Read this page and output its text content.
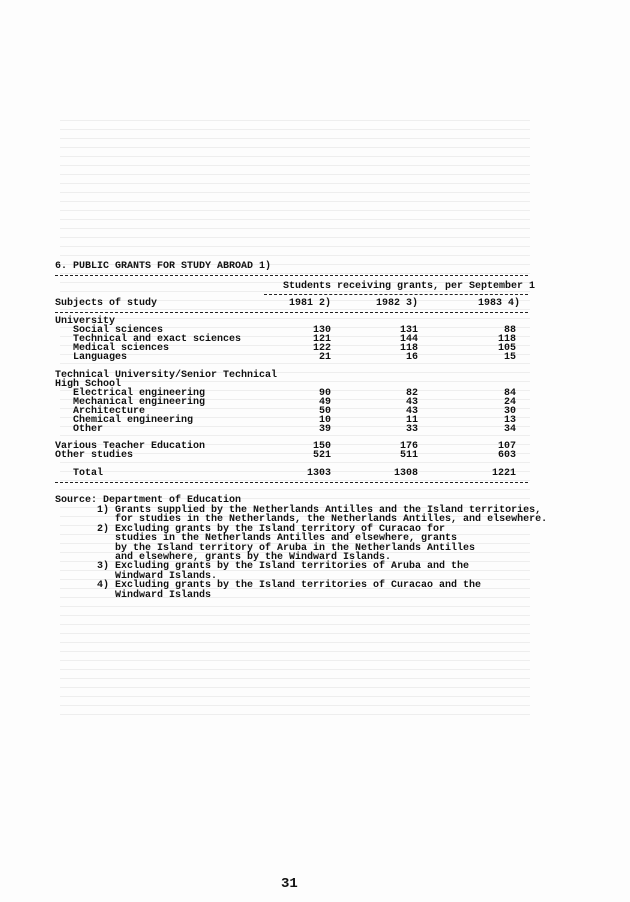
6. PUBLIC GRANTS FOR STUDY ABROAD 1)
Students receiving grants, per September 1
Subjects of study	1981 2)	1982 3)	1983 4)
University
Social sciences	130	131	88
Technical and exact sciences	121	144	118
Medical sciences	122	118	105
Languages	21	16	15
Technical University/Senior Technical
High School
Electrical engineering	90	82	84
Mechanical engineering	49	43	24
Architecture	50	43	30
Chemical engineering	10	11	13
Other	39	33	34
Various Teacher Education	150	176	107
Other studies	521	511	603
Total	1303	1308	1221
Source: Department of Education
1) Grants supplied by the Netherlands Antilles and the Island territories,
for studies in the Netherlands, the Netherlands Antilles, and elsewhere.
2) Excluding grants by the Island territory of Curacao for
studies in the Netherlands Antilles and elsewhere, grants
by the Island territory of Aruba in the Netherlands Antilles
and elsewhere, grants by the Windward Islands.
3) Excluding grants by the Island territories of Aruba and the
Windward Islands.
4) Excluding grants by the Island territories of Curacao and the
Windward Islands
31
